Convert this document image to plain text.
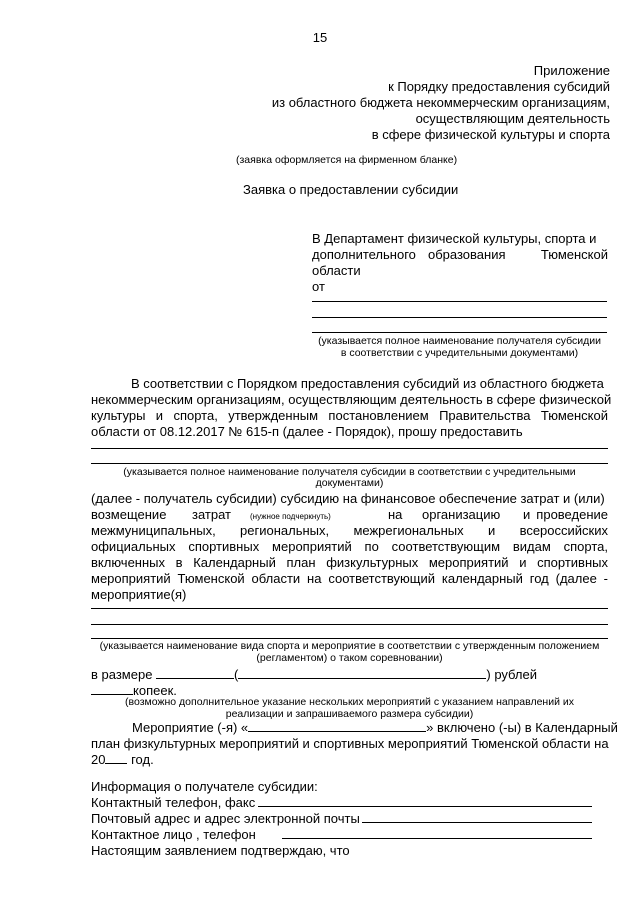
15
Приложение
к Порядку предоставления субсидий
из областного бюджета некоммерческим организациям,
осуществляющим деятельность
в сфере физической культуры и спорта
(заявка оформляется на фирменном бланке)
Заявка о предоставлении субсидии
В Департамент физической культуры, спорта и
дополнительного образования	Тюменской
области
от
(указывается полное наименование получателя субсидии
в соответствии с учредительными документами)
В соответствии с Порядком предоставления субсидий из областного бюджета
некоммерческим организациям, осуществляющим деятельность в сфере физической
культуры и спорта, утвержденным постановлением Правительства Тюменской
области от 08.12.2017 № 615-п (далее - Порядок), прошу предоставить
(указывается полное наименование получателя субсидии в соответствии с учредительными
документами)
(далее - получатель субсидии) субсидию на финансовое обеспечение затрат и (или)
возмещение затрат (нужное подчеркнуть)	на организацию и проведение
межмуниципальных, региональных, межрегиональных и всероссийских
официальных спортивных мероприятий по соответствующим видам спорта,
включенных в Календарный план физкультурных мероприятий и спортивных
мероприятий Тюменской области на соответствующий календарный год (далее -
мероприятие(я)
(указывается наименование вида спорта и мероприятие в соответствии с утвержденным положением
(регламентом) о таком соревновании)
в размере	(	) рублей
копеек.
(возможно дополнительное указание нескольких мероприятий с указанием направлений их
реализации и запрашиваемого размера субсидии)
Мероприятие (-я) «	» включено (-ы) в Календарный
план физкультурных мероприятий и спортивных мероприятий Тюменской области на
20 год.
Информация о получателе субсидии:
Контактный телефон, факс
Почтовый адрес и адрес электронной почты
Контактное лицо , телефон
Настоящим заявлением подтверждаю, что
